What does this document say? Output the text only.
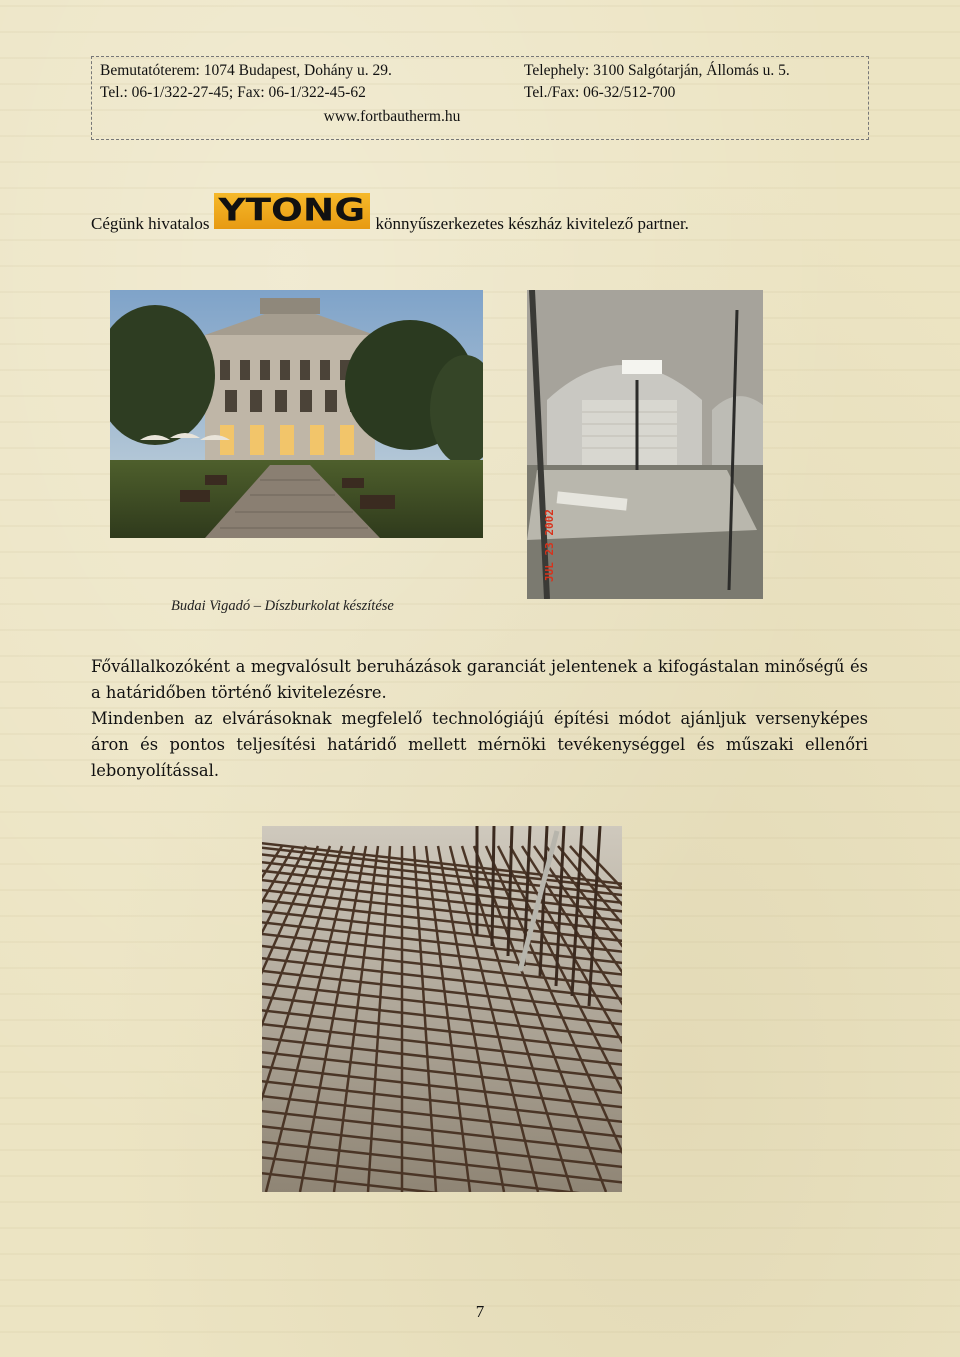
Bemutatóterem: 1074 Budapest, Dohány u. 29.
Tel.: 06-1/322-27-45; Fax: 06-1/322-45-62
Telephely: 3100 Salgótarján, Állomás u. 5.
Tel./Fax: 06-32/512-700
www.fortbautherm.hu
Cégünk hivatalos YTONG könnyűszerkezetes készház kivitelező partner.
JUL 23 2002
Budai Vigadó – Díszburkolat készítése

Fővállalkozóként a megvalósult beruházások garanciát jelentenek a kifogástalan minőségű és a határidőben történő kivitelezésre.

Mindenben az elvárásoknak megfelelő technológiájú építési módot ajánljuk versenyképes áron és pontos teljesítési határidő mellett mérnöki tevékenységgel és műszaki ellenőri lebonyolítással.

7
